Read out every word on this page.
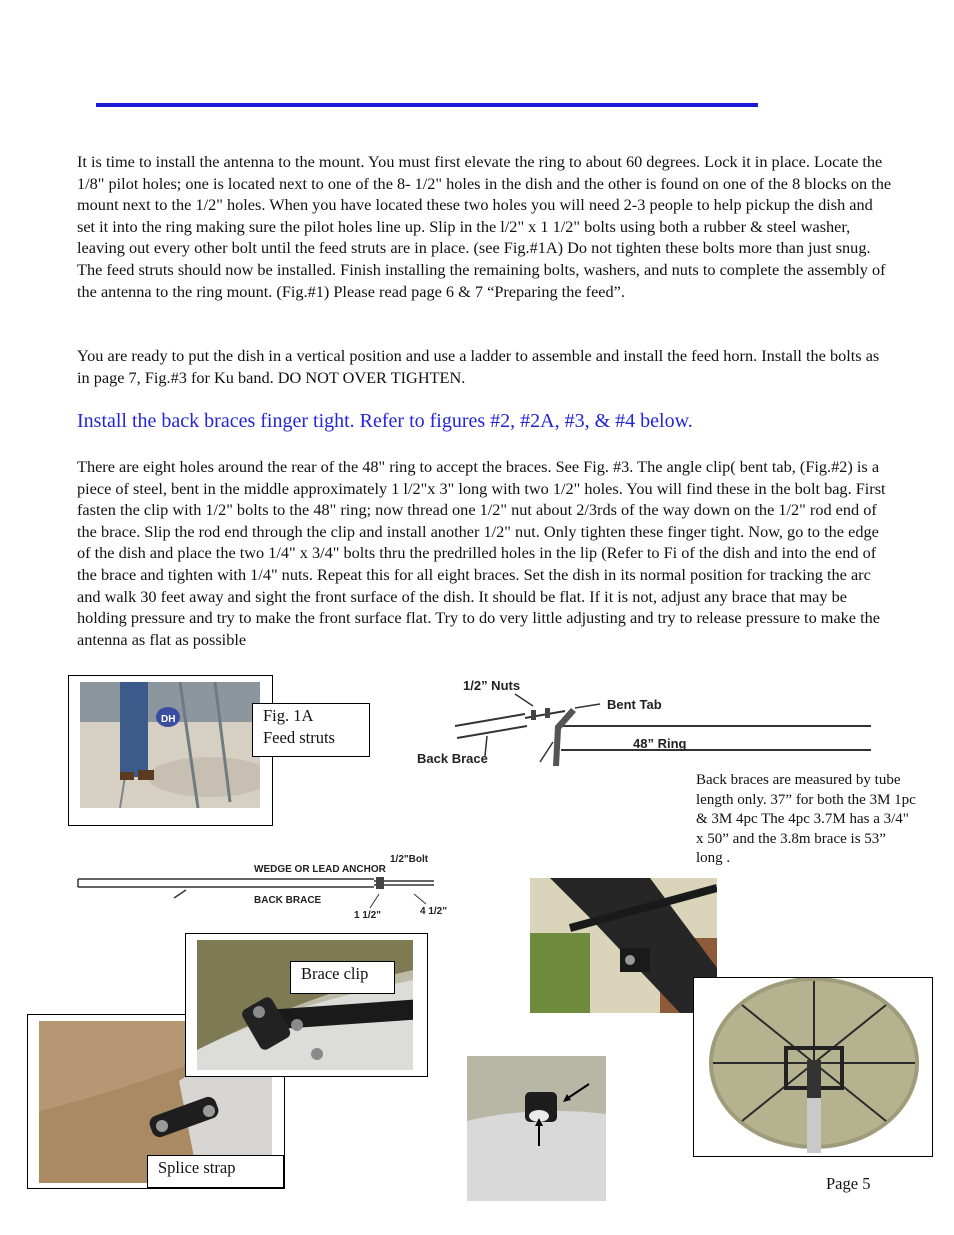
It is time to install the antenna to the mount. You must first elevate the ring to about 60 degrees. Lock it in place. Locate the 1/8" pilot holes; one is located next to one of the 8- 1/2" holes in the dish and the other is found on one of the 8 blocks on the mount next to the 1/2" holes. When you have located these two holes you will need 2-3 people to help pickup the dish and set it into the ring making sure the pilot holes line up. Slip in the l/2" x 1 1/2" bolts using both a rubber & steel washer, leaving out every other bolt until the feed struts are in place. (see Fig.#1A) Do not tighten these bolts more than just snug. The feed struts should now be installed. Finish installing the remaining bolts, washers, and nuts to complete the assembly of the antenna to the ring mount. (Fig.#1) Please read page 6 & 7 “Preparing the feed”.

You are ready to put the dish in a vertical position and use a ladder to assemble and install the feed horn. Install the bolts as in page 7, Fig.#3 for Ku band. DO NOT OVER TIGHTEN.

Install the back braces finger tight. Refer to figures #2, #2A, #3, & #4 below.

There are eight holes around the rear of the 48" ring to accept the braces. See Fig. #3. The angle clip( bent tab, (Fig.#2) is a piece of steel, bent in the middle approximately 1 l/2"x 3" long with two 1/2" holes. You will find these in the bolt bag. First fasten the clip with 1/2" bolts to the 48" ring; now thread one 1/2" nut about 2/3rds of the way down on the 1/2" rod end of the brace. Slip the rod end through the clip and install another 1/2" nut. Only tighten these finger tight. Now, go to the edge of the dish and place the two 1/4" x 3/4" bolts thru the predrilled holes in the lip (Refer to Fi of the dish and into the end of the brace and tighten with 1/4" nuts. Repeat this for all eight braces. Set the dish in its normal position for tracking the arc and walk 30 feet away and sight the front surface of the dish. It should be flat. If it is not, adjust any brace that may be holding pressure and try to make the front surface flat. Try to do very little adjusting and try to release pressure to make the antenna as flat as possible

DH	Fig. 1A
Feed struts
1/2” Nuts
Bent Tab
48” Ring
Back Brace
Back braces are measured by tube length only. 37” for both the 3M 1pc & 3M 4pc The 4pc 3.7M has a 3/4" x 50” and the 3.8m brace is 53” long .
WEDGE OR LEAD ANCHOR
1/2"Bolt
BACK BRACE
1 1/2"	4 1/2"
Splice strap
Brace clip
Page 5
